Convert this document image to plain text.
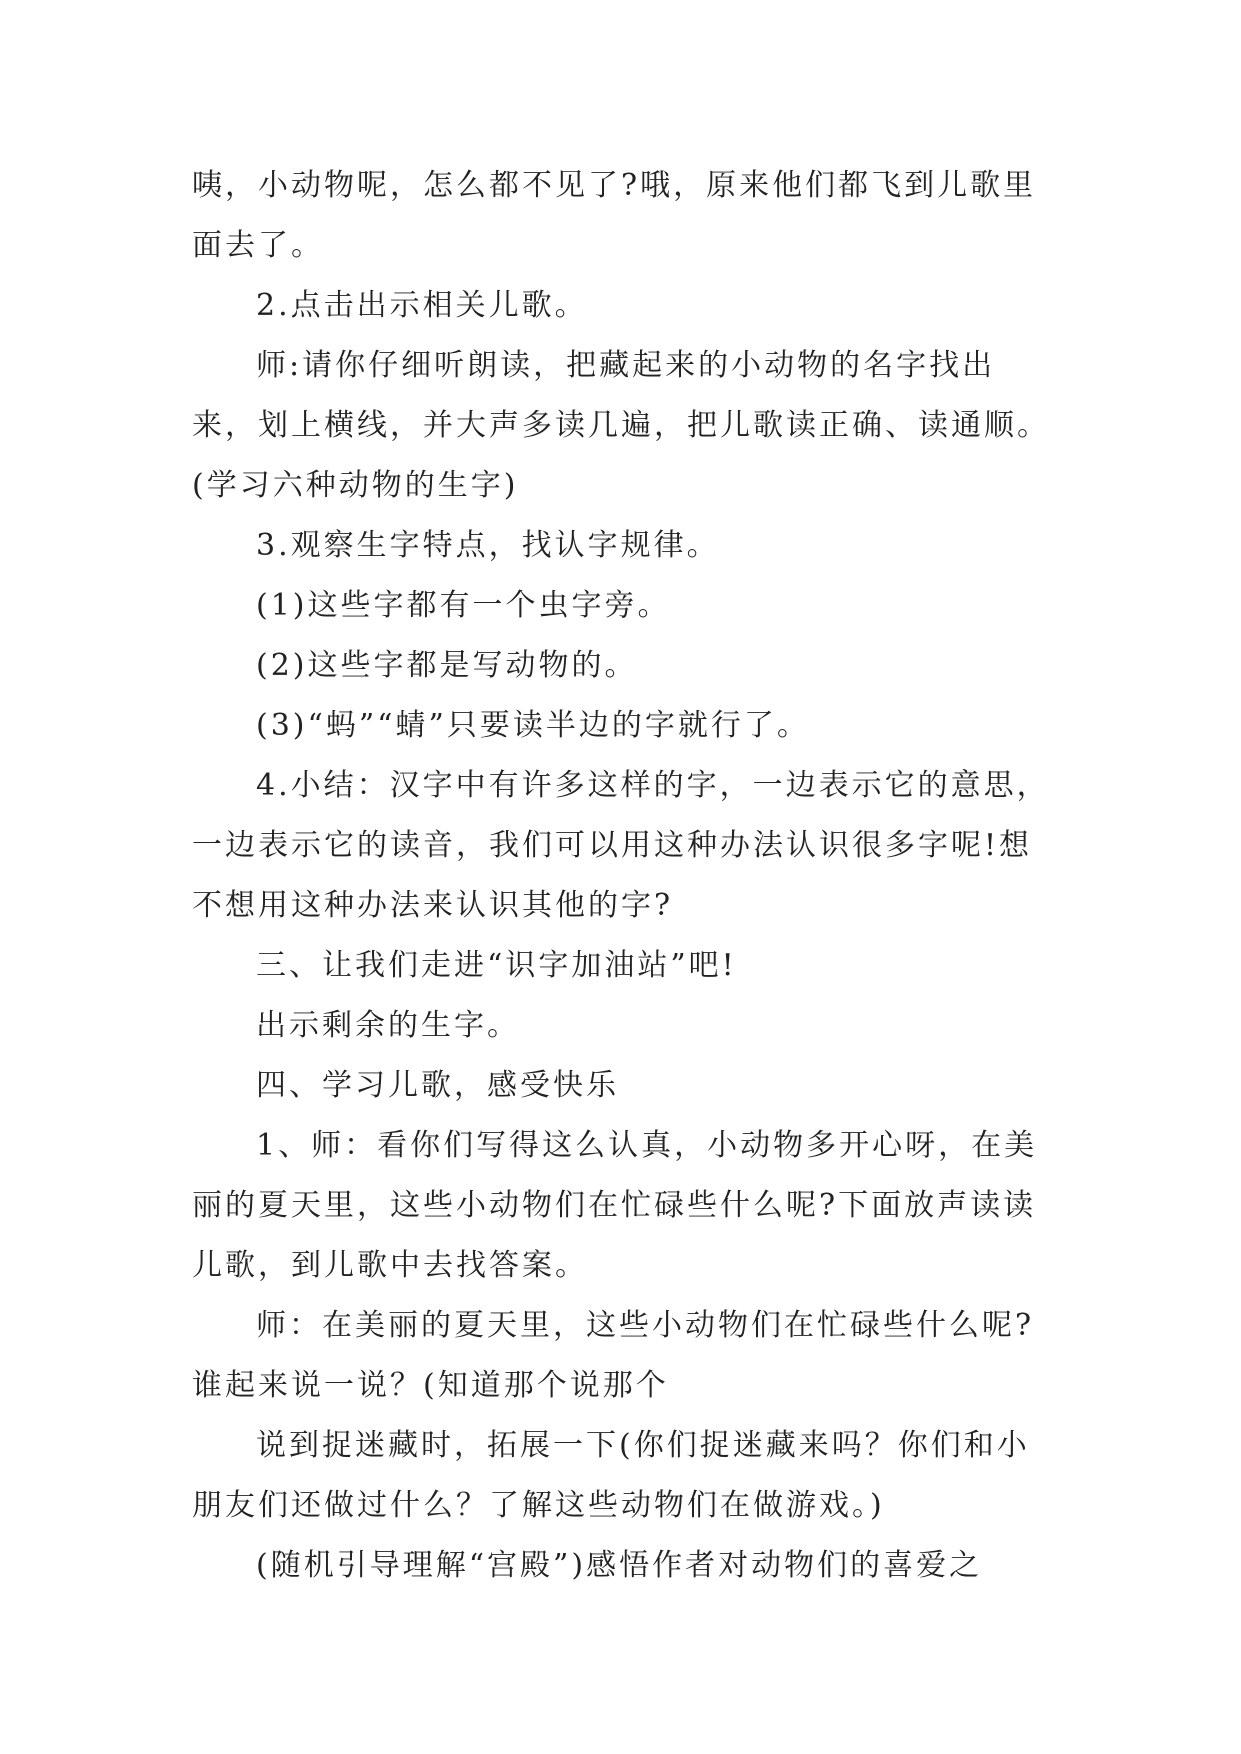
咦，小动物呢，怎么都不见了?哦，原来他们都飞到儿歌里面去了。

2.点击出示相关儿歌。

师:请你仔细听朗读，把藏起来的小动物的名字找出来，划上横线，并大声多读几遍，把儿歌读正确、读通顺。(学习六种动物的生字)

3.观察生字特点，找认字规律。

(1)这些字都有一个虫字旁。

(2)这些字都是写动物的。

(3)“蚂”“蜻”只要读半边的字就行了。

4.小结：汉字中有许多这样的字，一边表示它的意思，一边表示它的读音，我们可以用这种办法认识很多字呢!想不想用这种办法来认识其他的字?

三、让我们走进“识字加油站”吧!

出示剩余的生字。

四、学习儿歌，感受快乐

1、师：看你们写得这么认真，小动物多开心呀，在美丽的夏天里，这些小动物们在忙碌些什么呢?下面放声读读儿歌，到儿歌中去找答案。

师：在美丽的夏天里，这些小动物们在忙碌些什么呢?谁起来说一说？(知道那个说那个

说到捉迷藏时，拓展一下(你们捉迷藏来吗？你们和小朋友们还做过什么？了解这些动物们在做游戏。)

(随机引导理解“宫殿”)感悟作者对动物们的喜爱之
